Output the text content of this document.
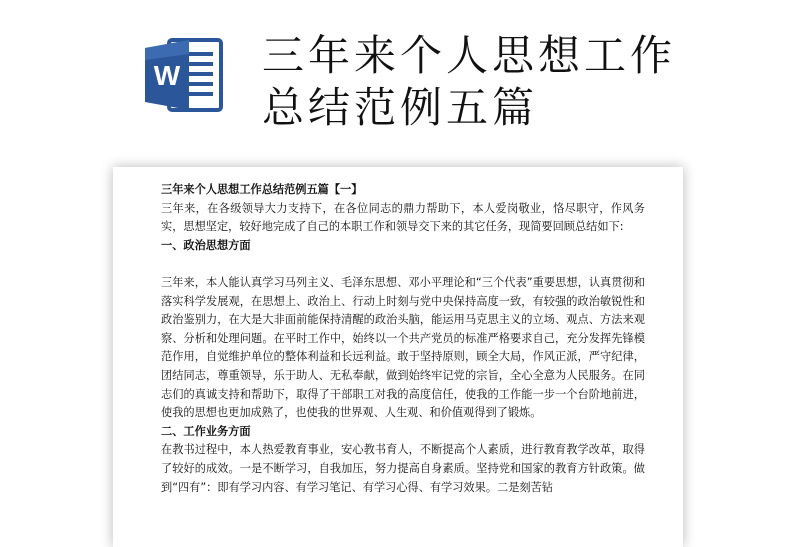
W 三年来个人思想工作
总结范例五篇

三年来个人思想工作总结范例五篇【一】

三年来，在各级领导大力支持下，在各位同志的鼎力帮助下，本人爱岗敬业，恪尽职守，作风务实，思想坚定，较好地完成了自己的本职工作和领导交下来的其它任务，现简要回顾总结如下:

一、政治思想方面

三年来，本人能认真学习马列主义、毛泽东思想、邓小平理论和“三个代表”重要思想，认真贯彻和落实科学发展观，在思想上、政治上、行动上时刻与党中央保持高度一致，有较强的政治敏锐性和政治鉴别力，在大是大非面前能保持清醒的政治头脑，能运用马克思主义的立场、观点、方法来观察、分析和处理问题。在平时工作中，始终以一个共产党员的标准严格要求自己，充分发挥先锋模范作用，自觉维护单位的整体利益和长远利益。敢于坚持原则，顾全大局，作风正派，严守纪律，团结同志，尊重领导，乐于助人、无私奉献，做到始终牢记党的宗旨，全心全意为人民服务。在同志们的真诚支持和帮助下，取得了干部职工对我的高度信任，使我的工作能一步一个台阶地前进，使我的思想也更加成熟了，也使我的世界观、人生观、和价值观得到了锻炼。

二、工作业务方面

在教书过程中，本人热爱教育事业，安心教书育人，不断提高个人素质，进行教育教学改革，取得了较好的成效。一是不断学习，自我加压，努力提高自身素质。坚持党和国家的教育方针政策。做到“四有”：即有学习内容、有学习笔记、有学习心得、有学习效果。二是刻苦钻
